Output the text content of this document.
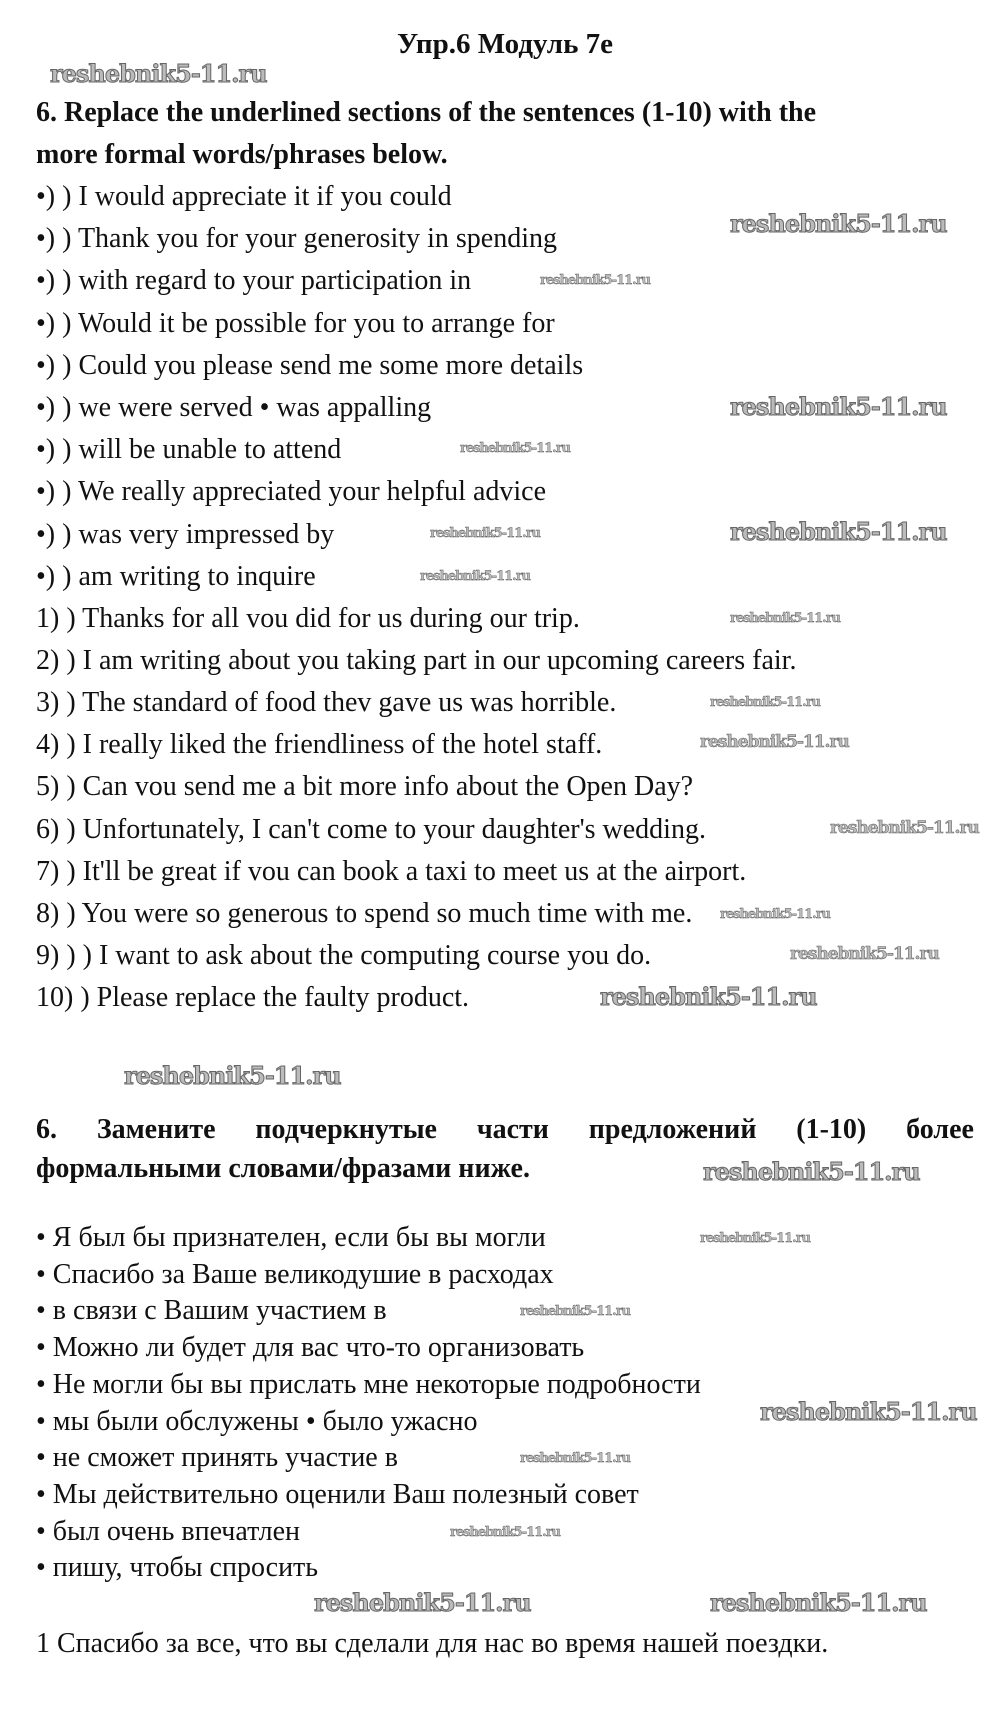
Упр.6 Модуль 7e
6. Replace the underlined sections of the sentences (1-10) with the
more formal words/phrases below.
•) ) I would appreciate it if you could
•) ) Thank you for your generosity in spending
•) ) with regard to your participation in
•) ) Would it be possible for you to arrange for
•) ) Could you please send me some more details
•) ) we were served • was appalling
•) ) will be unable to attend
•) ) We really appreciated your helpful advice
•) ) was very impressed by
•) ) am writing to inquire
1) ) Thanks for all vou did for us during our trip.
2) ) I am writing about you taking part in our upcoming careers fair.
3) ) The standard of food thev gave us was horrible.
4) ) I really liked the friendliness of the hotel staff.
5) ) Can vou send me a bit more info about the Open Day?
6) ) Unfortunately, I can't come to your daughter's wedding.
7) ) It'll be great if vou can book a taxi to meet us at the airport.
8) ) You were so generous to spend so much time with me.
9) ) ) I want to ask about the computing course you do.
10) ) Please replace the faulty product.
6. Замените подчеркнутые части предложений (1-10) более
формальными словами/фразами ниже.
• Я был бы признателен, если бы вы могли
• Спасибо за Ваше великодушие в расходах
• в связи с Вашим участием в
• Можно ли будет для вас что-то организовать
• Не могли бы вы прислать мне некоторые подробности
• мы были обслужены • было ужасно
• не сможет принять участие в
• Мы действительно оценили Ваш полезный совет
• был очень впечатлен
• пишу, чтобы спросить
1 Спасибо за все, что вы сделали для нас во время нашей поездки.
reshebnik5-11.ru
reshebnik5-11.ru
reshebnik5-11.ru
reshebnik5-11.ru
reshebnik5-11.ru
reshebnik5-11.ru
reshebnik5-11.ru
reshebnik5-11.ru
reshebnik5-11.ru	reshebnik5-11.ru
reshebnik5-11.ru
reshebnik5-11.ru
reshebnik5-11.ru
reshebnik5-11.ru
reshebnik5-11.ru
reshebnik5-11.ru
reshebnik5-11.ru
reshebnik5-11.ru
reshebnik5-11.ru
reshebnik5-11.ru
reshebnik5-11.ru
reshebnik5-11.ru
reshebnik5-11.ru
reshebnik5-11.ru
